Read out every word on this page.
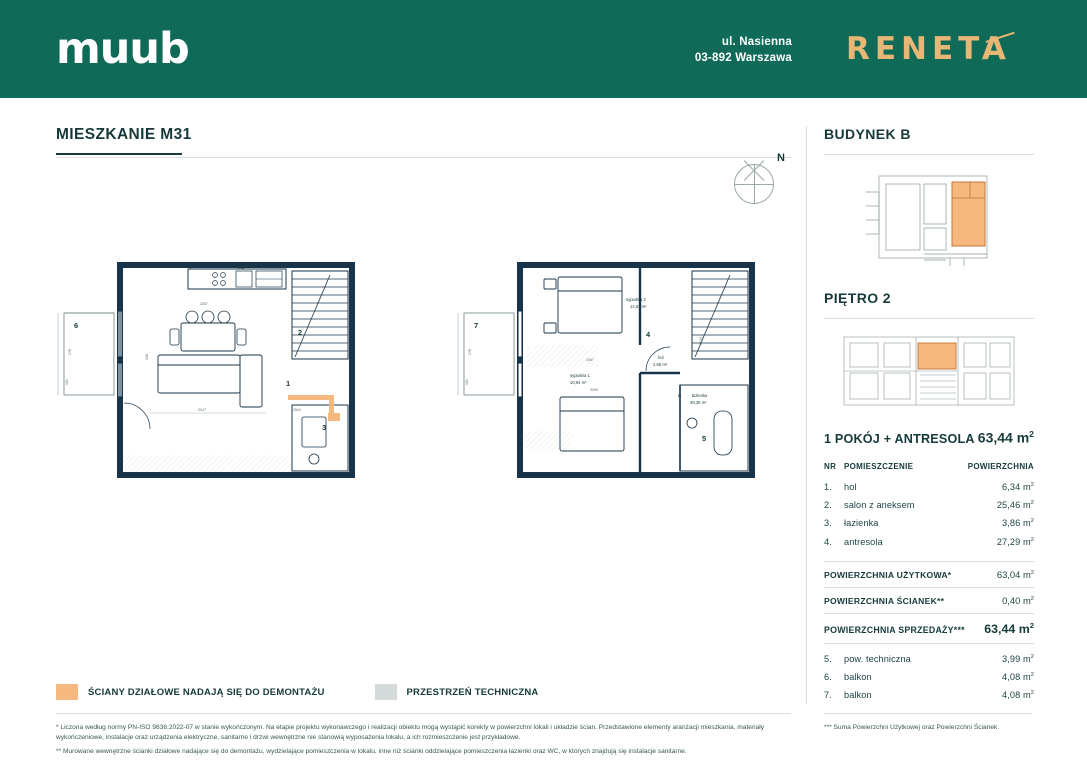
muub	ul. Nasienna
03-892 Warszawa RENETA
MIESZKANIE M31
N
6
278
151
ZM
L
3
2
1
2047	2641
338
3267
7
278
151
sypialnia 2
12,81 m²
sypialnia 1
10,94 m²
hol
2,66 m²
łazienka
39,35 m²
5
D.
4
3367
2120
3290
ŚCIANY DZIAŁOWE NADAJĄ SIĘ DO DEMONTAŻU	PRZESTRZEŃ TECHNICZNA

* Liczona według normy PN-ISO 9836:2022-07 w stanie wykończonym. Na etapie projektu wykonawczego i realizacji obiektu mogą wystąpić korekty w powierzchni lokali i układzie ścian. Przedstawione elementy aranżacji mieszkania, materiały wykończeniowe, instalacje oraz urządzenia elektryczne, sanitarne i drzwi wewnętrzne nie stanowią wyposażenia lokalu, a ich rozmieszczenie jest przykładowe.

** Murowane wewnętrzne ścianki działowe nadające się do demontażu, wydzielające pomieszczenia w lokalu, inne niż ścianki oddzielające pomieszczenia łazienki oraz WC, w których znajdują się instalacje sanitarne.

*** Suma Powierzchni Użytkowej oraz Powierzchni Ścianek.

BUDYNEK B
PIĘTRO 2
1 POKÓJ + ANTRESOLA 63,44 $m^2$
NR	POMIESZCZENIE	POWIERZCHNIA
1.	hol	6,34 $m^2$
2.	salon z aneksem	25,46 $m^2$
3.	łazienka	3,86 $m^2$
4.	antresola	27,29 $m^2$
POWIERZCHNIA UŻYTKOWA*	63,04 $m^2$
POWIERZCHNIA ŚCIANEK**	0,40 $m^2$
POWIERZCHNIA SPRZEDAŻY*** 63,44 $m^2$
5.	pow. techniczna	3,99 $m^2$
6.	balkon	4,08 $m^2$
7.	balkon	4,08 $m^2$
